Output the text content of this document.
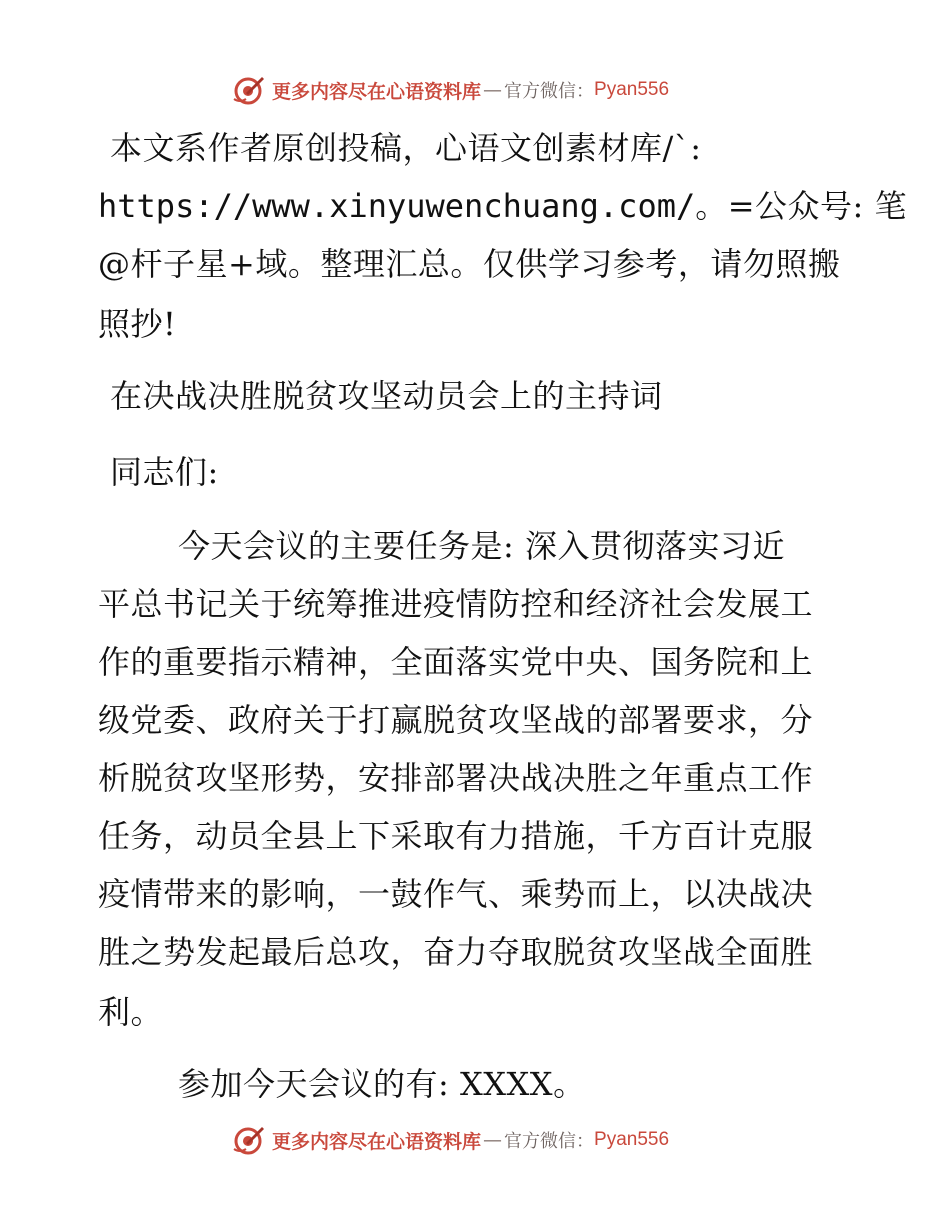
更多内容尽在心语资料库 — 官方微信： Pyan556
本文系作者原创投稿，心语文创素材库/`:
https://www.xinyuwenchuang.com/。=公众号: 笔
@杆子星+域。整理汇总。仅供学习参考，请勿照搬
照抄!
在决战决胜脱贫攻坚动员会上的主持词
同志们:
今天会议的主要任务是: 深入贯彻落实习近
平总书记关于统筹推进疫情防控和经济社会发展工
作的重要指示精神，全面落实党中央、国务院和上
级党委、政府关于打赢脱贫攻坚战的部署要求，分
析脱贫攻坚形势，安排部署决战决胜之年重点工作
任务，动员全县上下采取有力措施，千方百计克服
疫情带来的影响，一鼓作气、乘势而上，以决战决
胜之势发起最后总攻，奋力夺取脱贫攻坚战全面胜
利。
参加今天会议的有: XXXX。
更多内容尽在心语资料库 — 官方微信： Pyan556
